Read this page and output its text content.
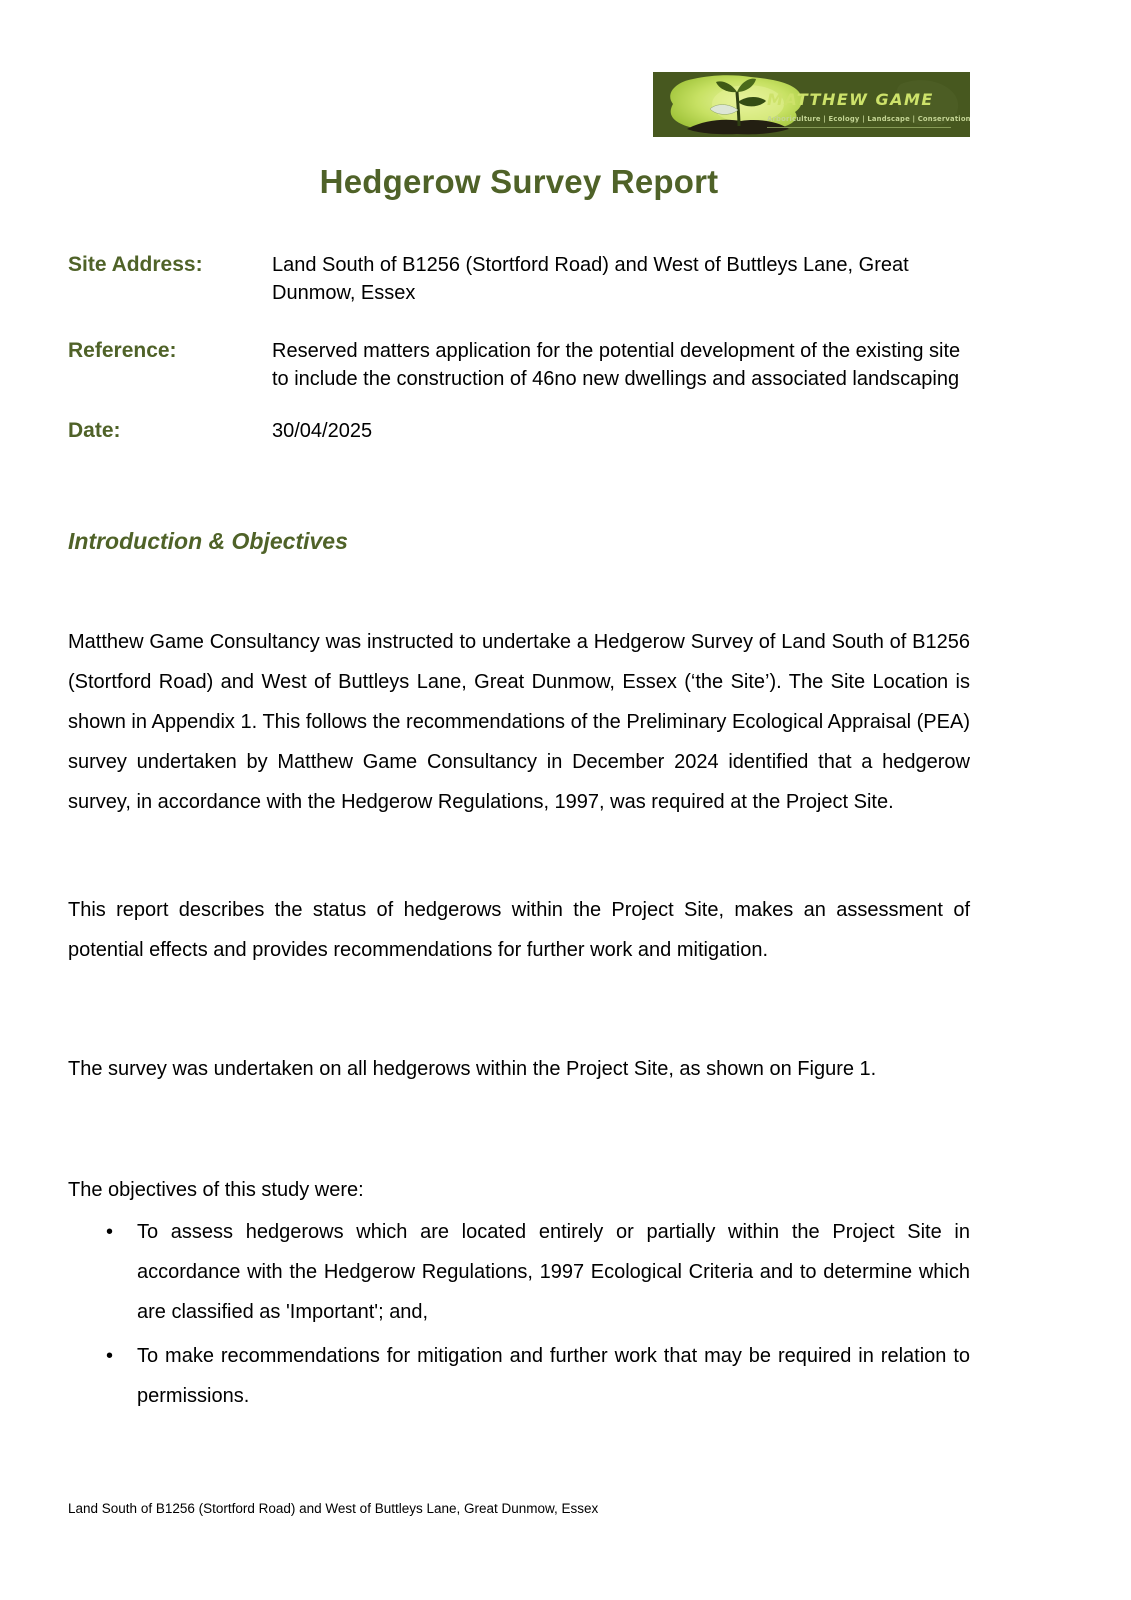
MATTHEW GAME
Arboriculture | Ecology | Landscape | Conservation
Hedgerow Survey Report
Site Address:	Land South of B1256 (Stortford Road) and West of Buttleys Lane, Great Dunmow, Essex
Reference:	Reserved matters application for the potential development of the existing site to include the construction of 46no new dwellings and associated landscaping
Date:	30/04/2025
Introduction & Objectives

Matthew Game Consultancy was instructed to undertake a Hedgerow Survey of Land South of B1256 (Stortford Road) and West of Buttleys Lane, Great Dunmow, Essex (‘the Site’). The Site Location is shown in Appendix 1. This follows the recommendations of the Preliminary Ecological Appraisal (PEA) survey undertaken by Matthew Game Consultancy in December 2024 identified that a hedgerow survey, in accordance with the Hedgerow Regulations, 1997, was required at the Project Site.

This report describes the status of hedgerows within the Project Site, makes an assessment of potential effects and provides recommendations for further work and mitigation.

The survey was undertaken on all hedgerows within the Project Site, as shown on Figure 1.

The objectives of this study were:

• To assess hedgerows which are located entirely or partially within the Project Site in accordance with the Hedgerow Regulations, 1997 Ecological Criteria and to determine which are classified as 'Important'; and,
• To make recommendations for mitigation and further work that may be required in relation to permissions.
Land South of B1256 (Stortford Road) and West of Buttleys Lane, Great Dunmow, Essex
